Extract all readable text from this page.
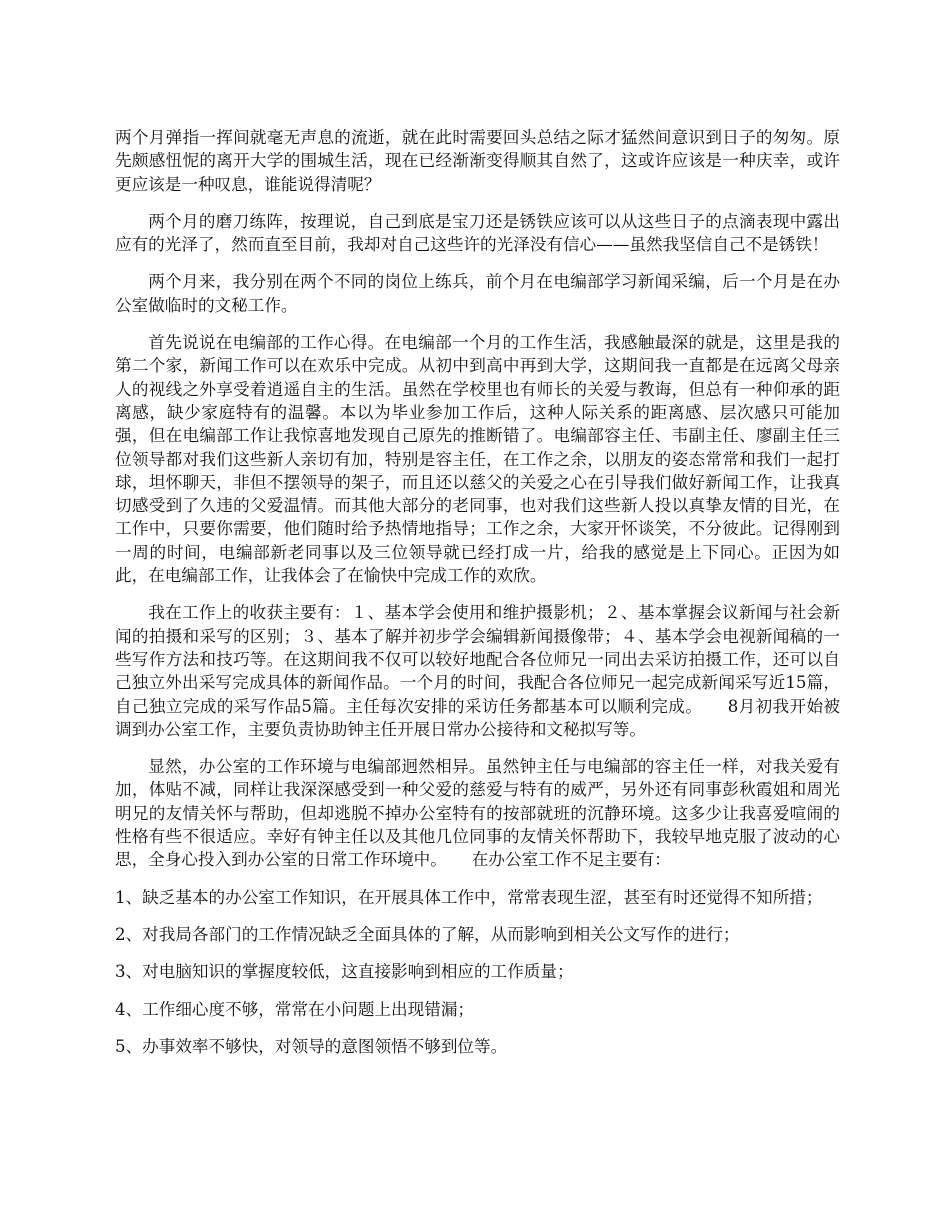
两个月弹指一挥间就毫无声息的流逝，就在此时需要回头总结之际才猛然间意识到日子的匆匆。原先颇感忸怩的离开大学的围城生活，现在已经渐渐变得顺其自然了，这或许应该是一种庆幸，或许更应该是一种叹息，谁能说得清呢？

两个月的磨刀练阵，按理说，自己到底是宝刀还是锈铁应该可以从这些日子的点滴表现中露出应有的光泽了，然而直至目前，我却对自己这些许的光泽没有信心——虽然我坚信自己不是锈铁！

两个月来，我分别在两个不同的岗位上练兵，前个月在电编部学习新闻采编，后一个月是在办公室做临时的文秘工作。

首先说说在电编部的工作心得。在电编部一个月的工作生活，我感触最深的就是，这里是我的第二个家，新闻工作可以在欢乐中完成。从初中到高中再到大学，这期间我一直都是在远离父母亲人的视线之外享受着逍遥自主的生活。虽然在学校里也有师长的关爱与教诲，但总有一种仰承的距离感，缺少家庭特有的温馨。本以为毕业参加工作后，这种人际关系的距离感、层次感只可能加强，但在电编部工作让我惊喜地发现自己原先的推断错了。电编部容主任、韦副主任、廖副主任三位领导都对我们这些新人亲切有加，特别是容主任，在工作之余，以朋友的姿态常常和我们一起打球，坦怀聊天，非但不摆领导的架子，而且还以慈父的关爱之心在引导我们做好新闻工作，让我真切感受到了久违的父爱温情。而其他大部分的老同事，也对我们这些新人投以真挚友情的目光，在工作中，只要你需要，他们随时给予热情地指导；工作之余，大家开怀谈笑，不分彼此。记得刚到一周的时间，电编部新老同事以及三位领导就已经打成一片，给我的感觉是上下同心。正因为如此，在电编部工作，让我体会了在愉快中完成工作的欢欣。

我在工作上的收获主要有：１、基本学会使用和维护摄影机；２、基本掌握会议新闻与社会新闻的拍摄和采写的区别；３、基本了解并初步学会编辑新闻摄像带；４、基本学会电视新闻稿的一些写作方法和技巧等。在这期间我不仅可以较好地配合各位师兄一同出去采访拍摄工作，还可以自己独立外出采写完成具体的新闻作品。一个月的时间，我配合各位师兄一起完成新闻采写近15篇，自己独立完成的采写作品5篇。主任每次安排的采访任务都基本可以顺利完成。　　8月初我开始被调到办公室工作，主要负责协助钟主任开展日常办公接待和文秘拟写等。

显然，办公室的工作环境与电编部迥然相异。虽然钟主任与电编部的容主任一样，对我关爱有加，体贴不减，同样让我深深感受到一种父爱的慈爱与特有的威严，另外还有同事彭秋霞姐和周光明兄的友情关怀与帮助，但却逃脱不掉办公室特有的按部就班的沉静环境。这多少让我喜爱喧闹的性格有些不很适应。幸好有钟主任以及其他几位同事的友情关怀帮助下，我较早地克服了波动的心思，全身心投入到办公室的日常工作环境中。　　在办公室工作不足主要有：

1、缺乏基本的办公室工作知识，在开展具体工作中，常常表现生涩，甚至有时还觉得不知所措；

2、对我局各部门的工作情况缺乏全面具体的了解，从而影响到相关公文写作的进行；

3、对电脑知识的掌握度较低，这直接影响到相应的工作质量；

4、工作细心度不够，常常在小问题上出现错漏；

5、办事效率不够快，对领导的意图领悟不够到位等。
